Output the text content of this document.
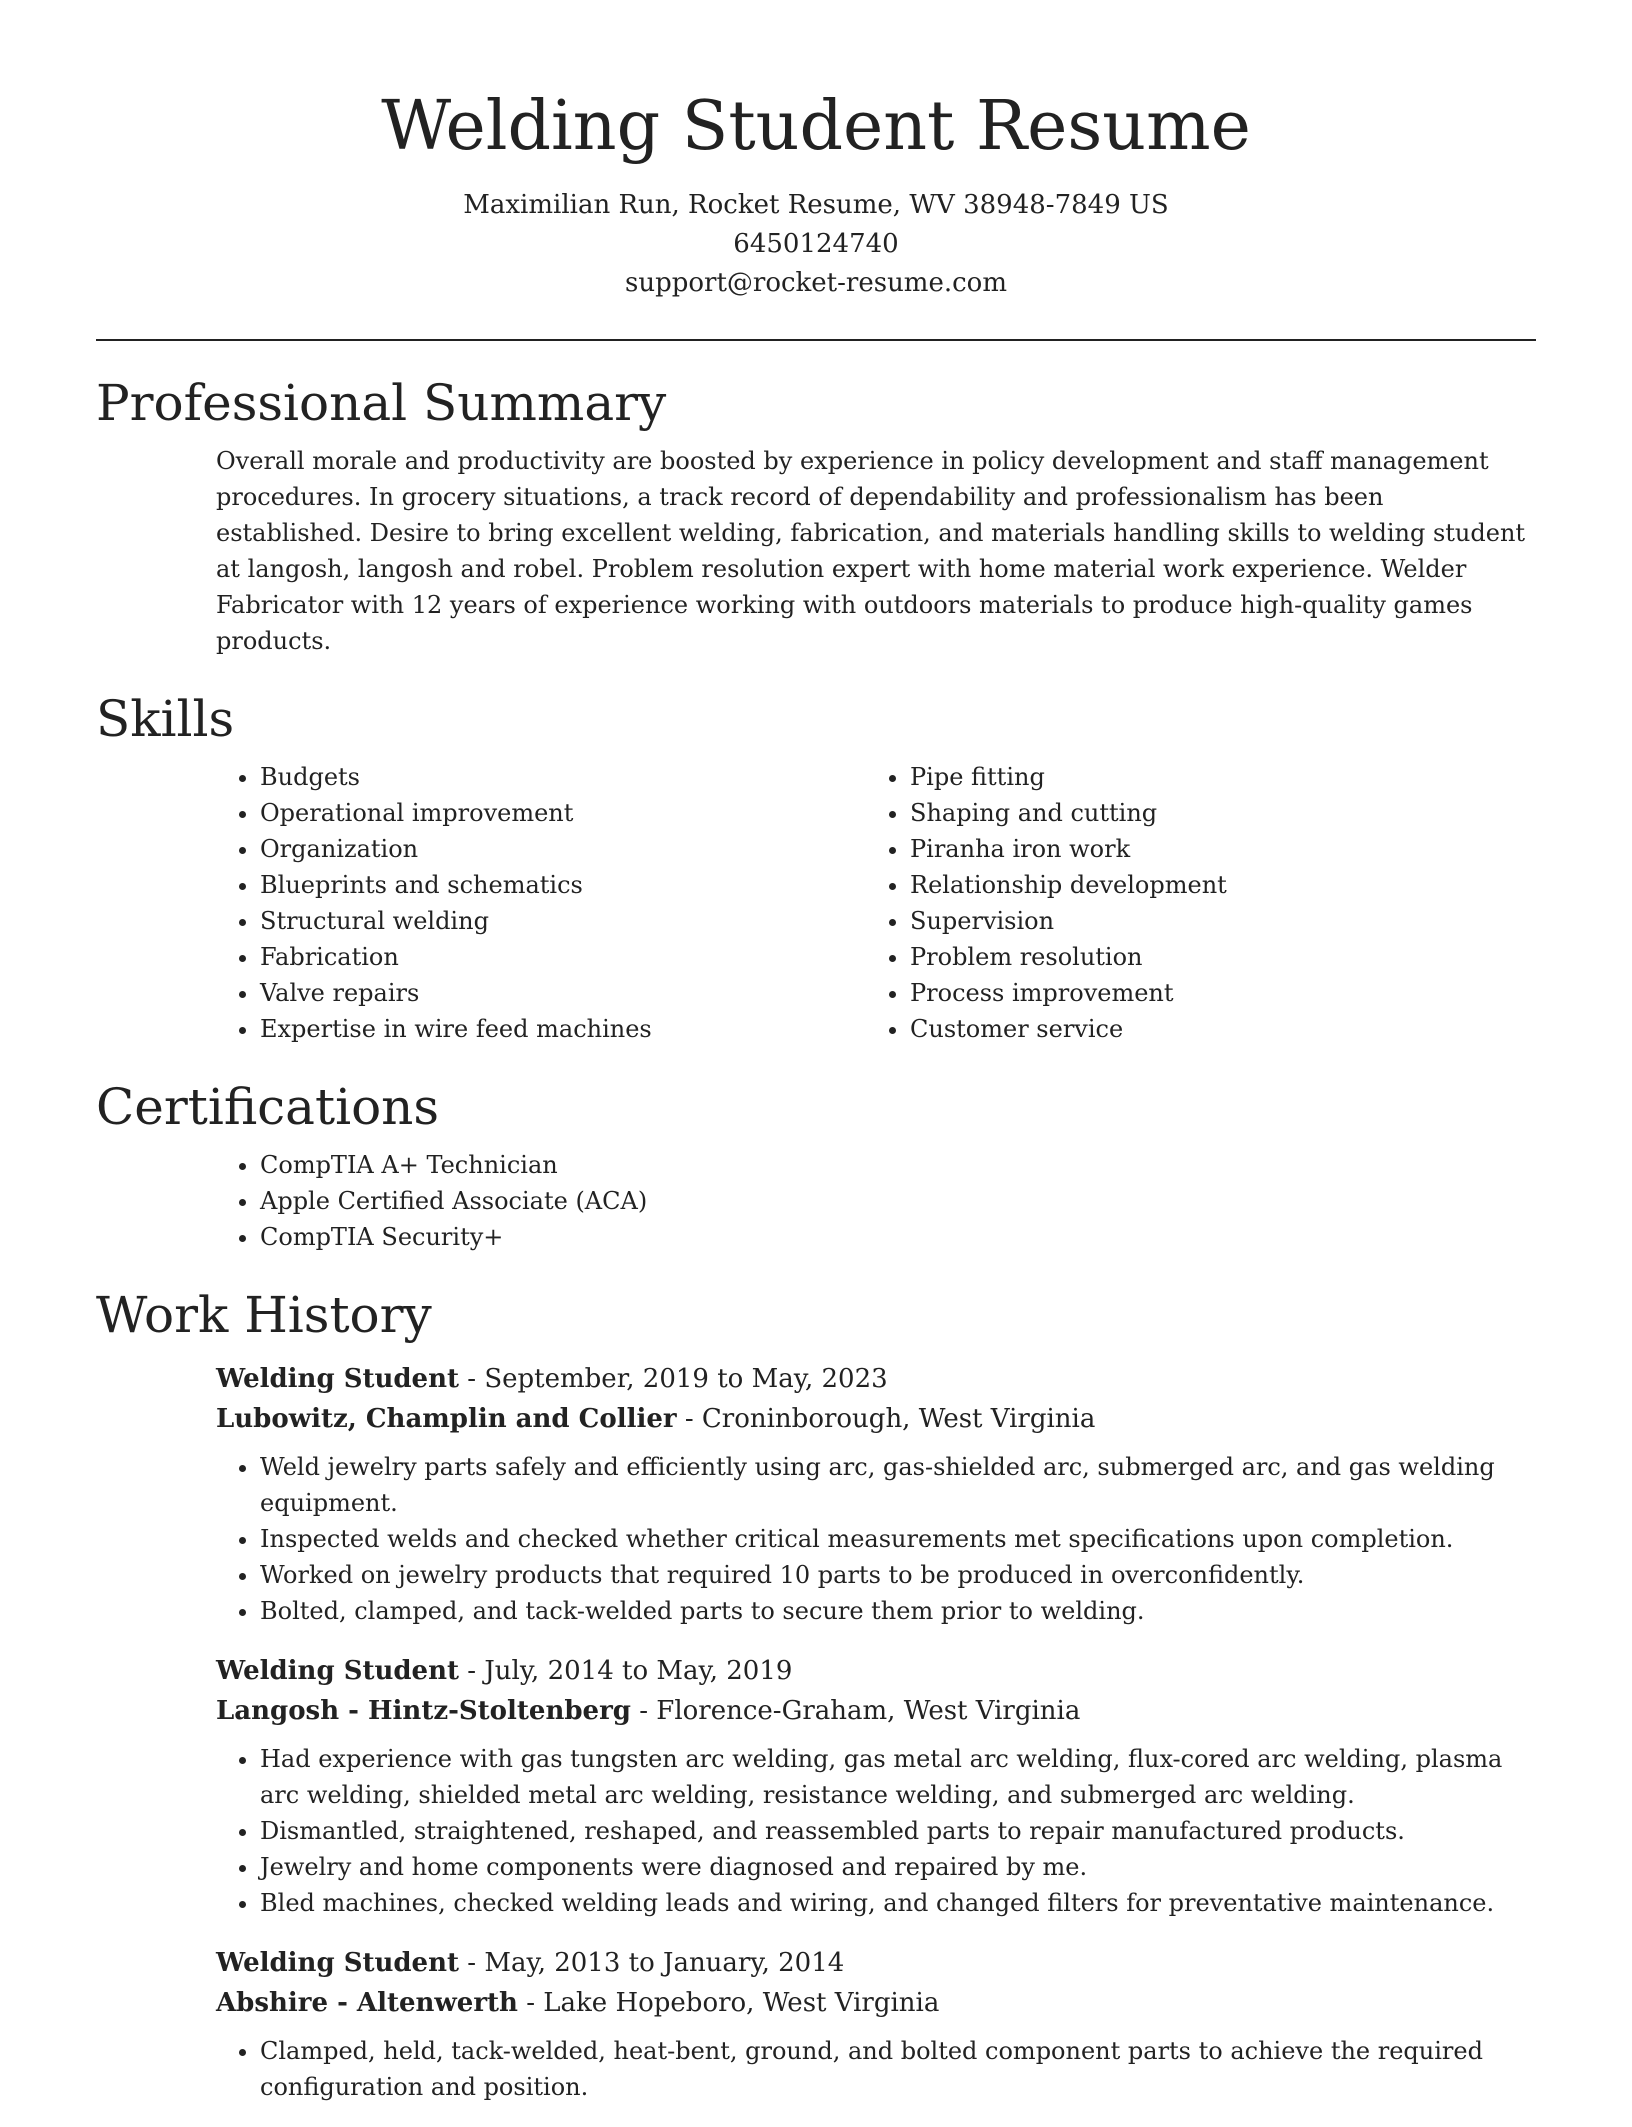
Welding Student Resume
Maximilian Run, Rocket Resume, WV 38948-7849 US
6450124740
support@rocket-resume.com
Professional Summary

Overall morale and productivity are boosted by experience in policy development and staff management procedures. In grocery situations, a track record of dependability and professionalism has been established. Desire to bring excellent welding, fabrication, and materials handling skills to welding student at langosh, langosh and robel. Problem resolution expert with home material work experience. Welder Fabricator with 12 years of experience working with outdoors materials to produce high-quality games products.

Skills
• Budgets
• Operational improvement
• Organization
• Blueprints and schematics
• Structural welding
• Fabrication
• Valve repairs
• Expertise in wire feed machines
• Pipe fitting
• Shaping and cutting
• Piranha iron work
• Relationship development
• Supervision
• Problem resolution
• Process improvement
• Customer service
Certifications
• CompTIA A+ Technician
• Apple Certified Associate (ACA)
• CompTIA Security+
Work History
Welding Student - September, 2019 to May, 2023
Lubowitz, Champlin and Collier - Croninborough, West Virginia
• Weld jewelry parts safely and efficiently using arc, gas-shielded arc, submerged arc, and gas welding equipment.
• Inspected welds and checked whether critical measurements met specifications upon completion.
• Worked on jewelry products that required 10 parts to be produced in overconfidently.
• Bolted, clamped, and tack-welded parts to secure them prior to welding.
Welding Student - July, 2014 to May, 2019
Langosh - Hintz-Stoltenberg - Florence-Graham, West Virginia
• Had experience with gas tungsten arc welding, gas metal arc welding, flux-cored arc welding, plasma arc welding, shielded metal arc welding, resistance welding, and submerged arc welding.
• Dismantled, straightened, reshaped, and reassembled parts to repair manufactured products.
• Jewelry and home components were diagnosed and repaired by me.
• Bled machines, checked welding leads and wiring, and changed filters for preventative maintenance.
Welding Student - May, 2013 to January, 2014
Abshire - Altenwerth - Lake Hopeboro, West Virginia
• Clamped, held, tack-welded, heat-bent, ground, and bolted component parts to achieve the required configuration and position.
